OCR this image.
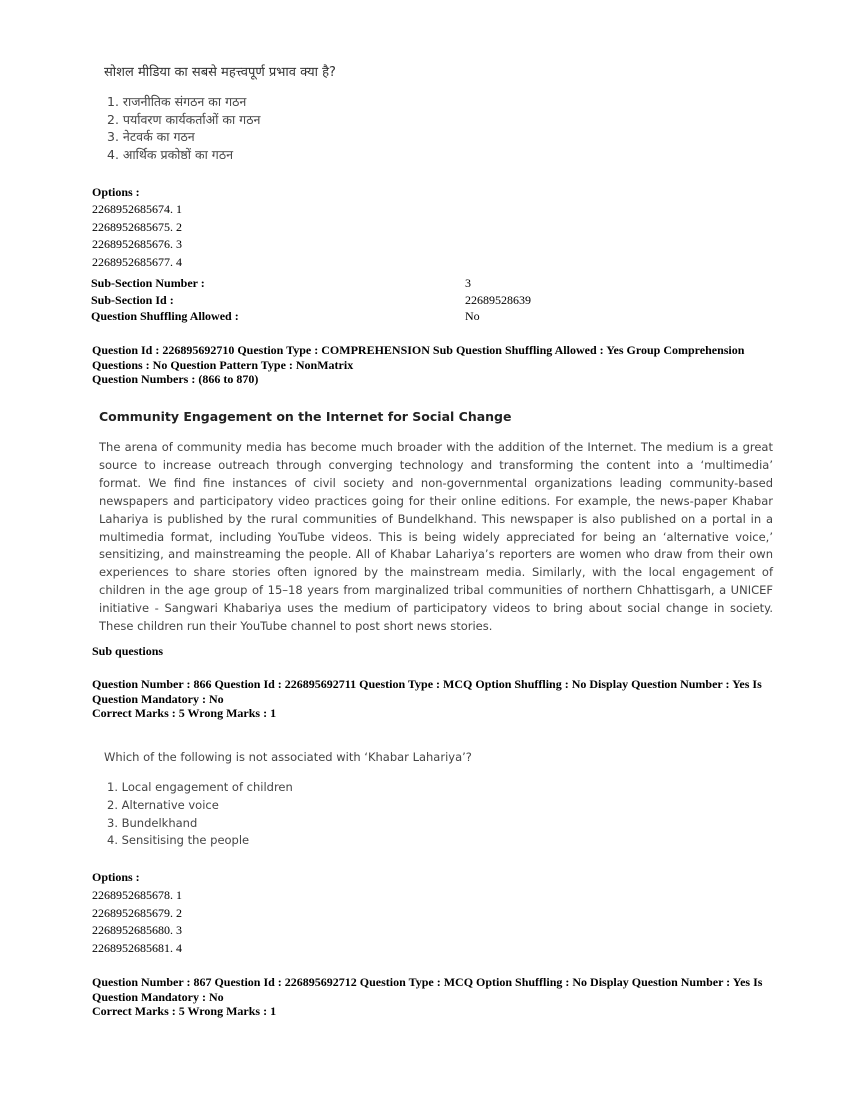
सोशल मीडिया का सबसे महत्त्वपूर्ण प्रभाव क्या है?
1. राजनीतिक संगठन का गठन
2. पर्यावरण कार्यकर्ताओं का गठन
3. नेटवर्क का गठन
4. आर्थिक प्रकोष्ठों का गठन
Options :
2268952685674. 1
2268952685675. 2
2268952685676. 3
2268952685677. 4
Sub-Section Number :	3
Sub-Section Id :	22689528639
Question Shuffling Allowed :	No
Question Id : 226895692710 Question Type : COMPREHENSION Sub Question Shuffling Allowed : Yes Group Comprehension
Questions : No Question Pattern Type : NonMatrix
Question Numbers : (866 to 870)
Community Engagement on the Internet for Social Change
The arena of community media has become much broader with the addition of the Internet. The medium is a great source to increase outreach through converging technology and transforming the content into a ‘multimedia’ format. We find fine instances of civil society and non-governmental organizations leading community-based newspapers and participatory video practices going for their online editions. For example, the news-paper Khabar Lahariya is published by the rural communities of Bundelkhand. This newspaper is also published on a portal in a multimedia format, including YouTube videos. This is being widely appreciated for being an ‘alternative voice,’ sensitizing, and mainstreaming the people. All of Khabar Lahariya’s reporters are women who draw from their own experiences to share stories often ignored by the mainstream media. Similarly, with the local engagement of children in the age group of 15–18 years from marginalized tribal communities of northern Chhattisgarh, a UNICEF initiative - Sangwari Khabariya uses the medium of participatory videos to bring about social change in society. These children run their YouTube channel to post short news stories.
Sub questions
Question Number : 866 Question Id : 226895692711 Question Type : MCQ Option Shuffling : No Display Question Number : Yes Is
Question Mandatory : No
Correct Marks : 5 Wrong Marks : 1
Which of the following is not associated with ‘Khabar Lahariya’?
1. Local engagement of children
2. Alternative voice
3. Bundelkhand
4. Sensitising the people
Options :
2268952685678. 1
2268952685679. 2
2268952685680. 3
2268952685681. 4
Question Number : 867 Question Id : 226895692712 Question Type : MCQ Option Shuffling : No Display Question Number : Yes Is
Question Mandatory : No
Correct Marks : 5 Wrong Marks : 1
